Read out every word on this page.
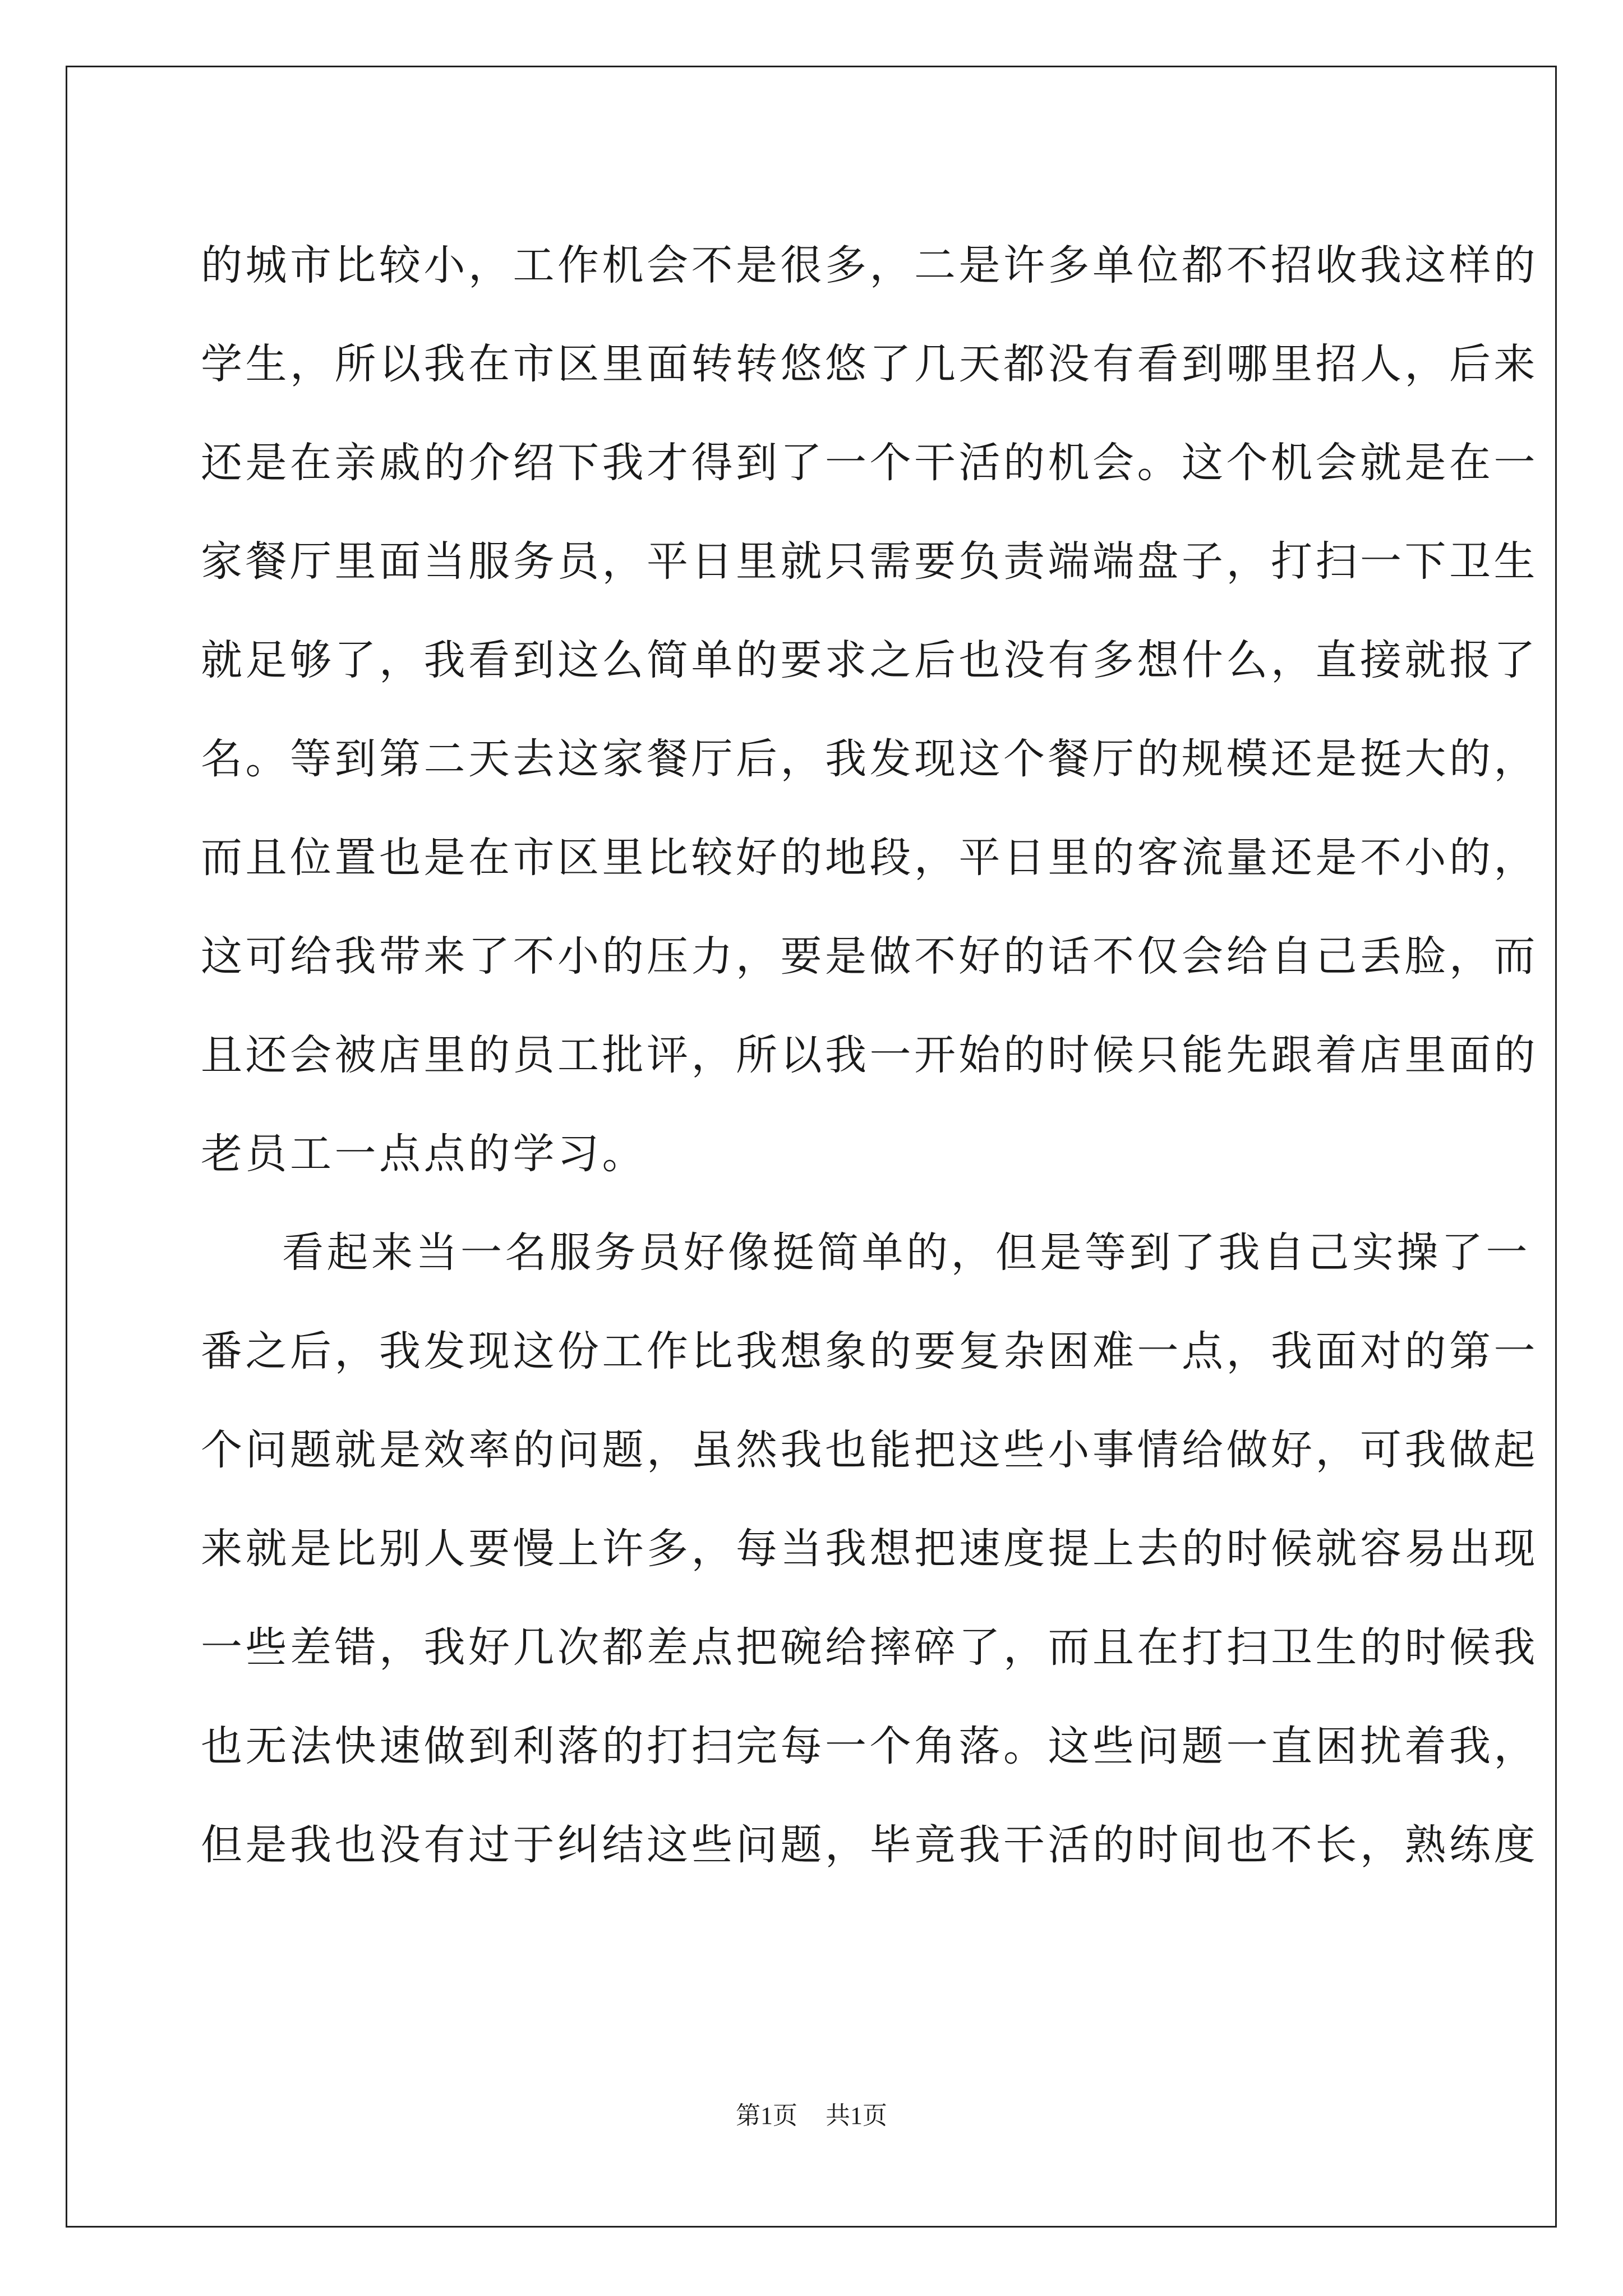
的城市比较小，工作机会不是很多，二是许多单位都不招收我这样的
学生，所以我在市区里面转转悠悠了几天都没有看到哪里招人，后来
还是在亲戚的介绍下我才得到了一个干活的机会。这个机会就是在一
家餐厅里面当服务员，平日里就只需要负责端端盘子，打扫一下卫生
就足够了，我看到这么简单的要求之后也没有多想什么，直接就报了
名。等到第二天去这家餐厅后，我发现这个餐厅的规模还是挺大的，
而且位置也是在市区里比较好的地段，平日里的客流量还是不小的，
这可给我带来了不小的压力，要是做不好的话不仅会给自己丢脸，而
且还会被店里的员工批评，所以我一开始的时候只能先跟着店里面的
老员工一点点的学习。
看起来当一名服务员好像挺简单的，但是等到了我自己实操了一
番之后，我发现这份工作比我想象的要复杂困难一点，我面对的第一
个问题就是效率的问题，虽然我也能把这些小事情给做好，可我做起
来就是比别人要慢上许多，每当我想把速度提上去的时候就容易出现
一些差错，我好几次都差点把碗给摔碎了，而且在打扫卫生的时候我
也无法快速做到利落的打扫完每一个角落。这些问题一直困扰着我，
但是我也没有过于纠结这些问题，毕竟我干活的时间也不长，熟练度
第1页 共1页
